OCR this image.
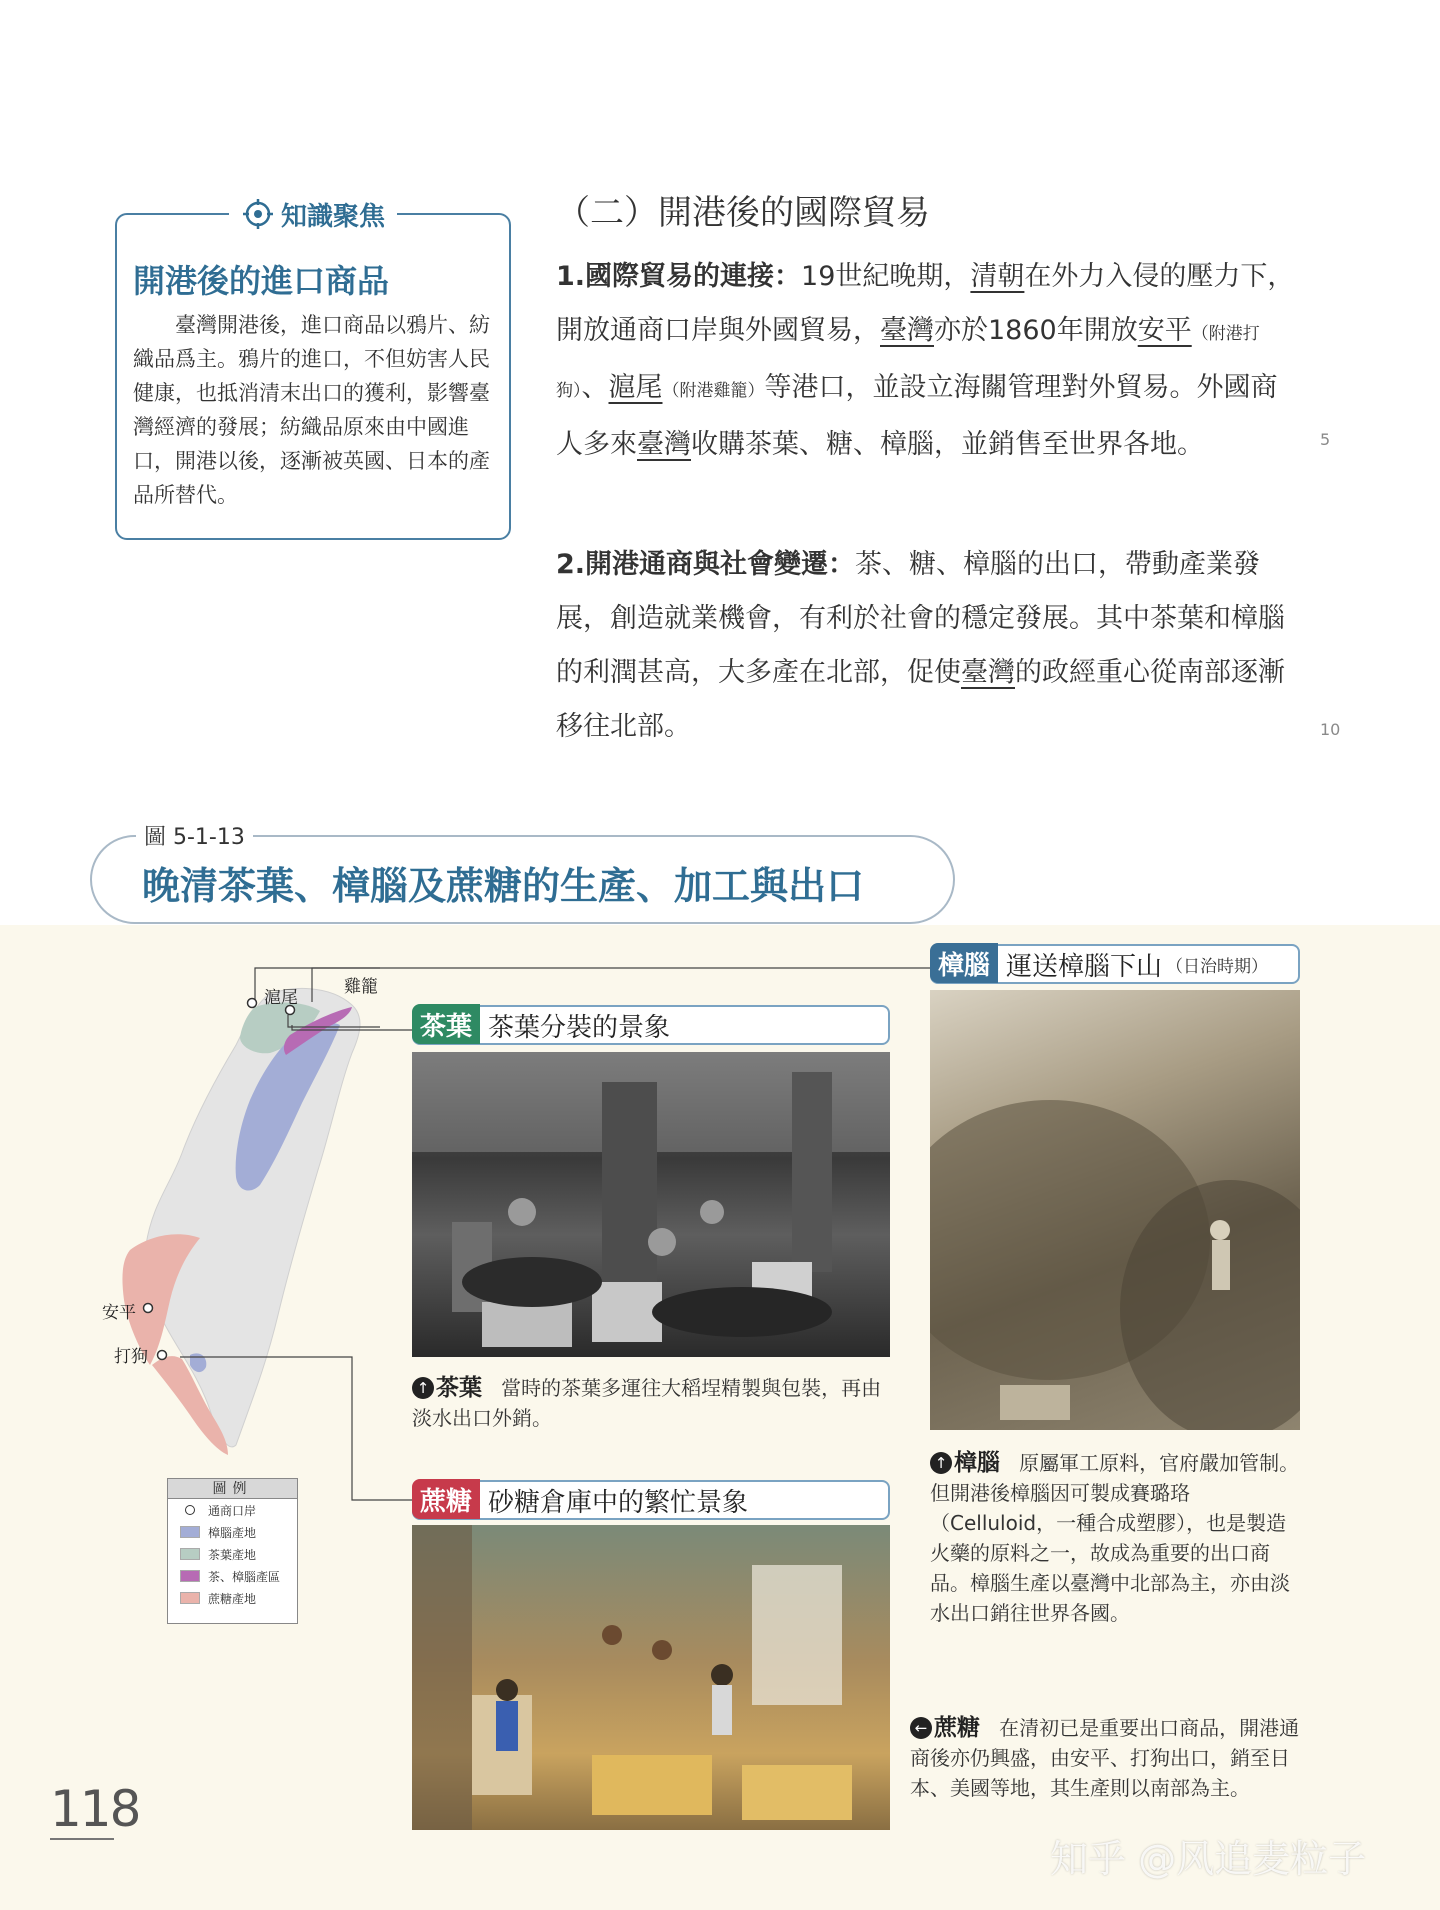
知識聚焦
開港後的進口商品
臺灣開港後，進口商品以鴉片、紡織品爲主。鴉片的進口，不但妨害人民健康，也抵消清末出口的獲利，影響臺灣經濟的發展；紡織品原來由中國進口，開港以後，逐漸被英國、日本的產品所替代。
（二）開港後的國際貿易
1.國際貿易的連接：19世紀晚期，清朝在外力入侵的壓力下，開放通商口岸與外國貿易，臺灣亦於1860年開放安平（附港打狗）、滬尾（附港雞籠）等港口，並設立海關管理對外貿易。外國商人多來臺灣收購茶葉、糖、樟腦，並銷售至世界各地。
2.開港通商與社會變遷：茶、糖、樟腦的出口，帶動產業發展，創造就業機會，有利於社會的穩定發展。其中茶葉和樟腦的利潤甚高，大多產在北部，促使臺灣的政經重心從南部逐漸移往北部。
5
10
圖 5-1-13
晚清茶葉、樟腦及蔗糖的生產、加工與出口
滬尾
雞籠
安平
打狗
圖例
通商口岸
樟腦產地
茶葉產地
茶、樟腦產區
蔗糖產地
茶葉 茶葉分裝的景象
↑ 茶葉 當時的茶葉多運往大稻埕精製與包裝，再由淡水出口外銷。
樟腦 運送樟腦下山 （日治時期）
↑ 樟腦 原屬軍工原料，官府嚴加管制。但開港後樟腦因可製成賽璐珞（Celluloid，一種合成塑膠），也是製造火藥的原料之一，故成為重要的出口商品。樟腦生產以臺灣中北部為主，亦由淡水出口銷往世界各國。
蔗糖 砂糖倉庫中的繁忙景象
← 蔗糖 在清初已是重要出口商品，開港通商後亦仍興盛，由安平、打狗出口，銷至日本、美國等地，其生產則以南部為主。
118
知乎 @风追麦粒子
